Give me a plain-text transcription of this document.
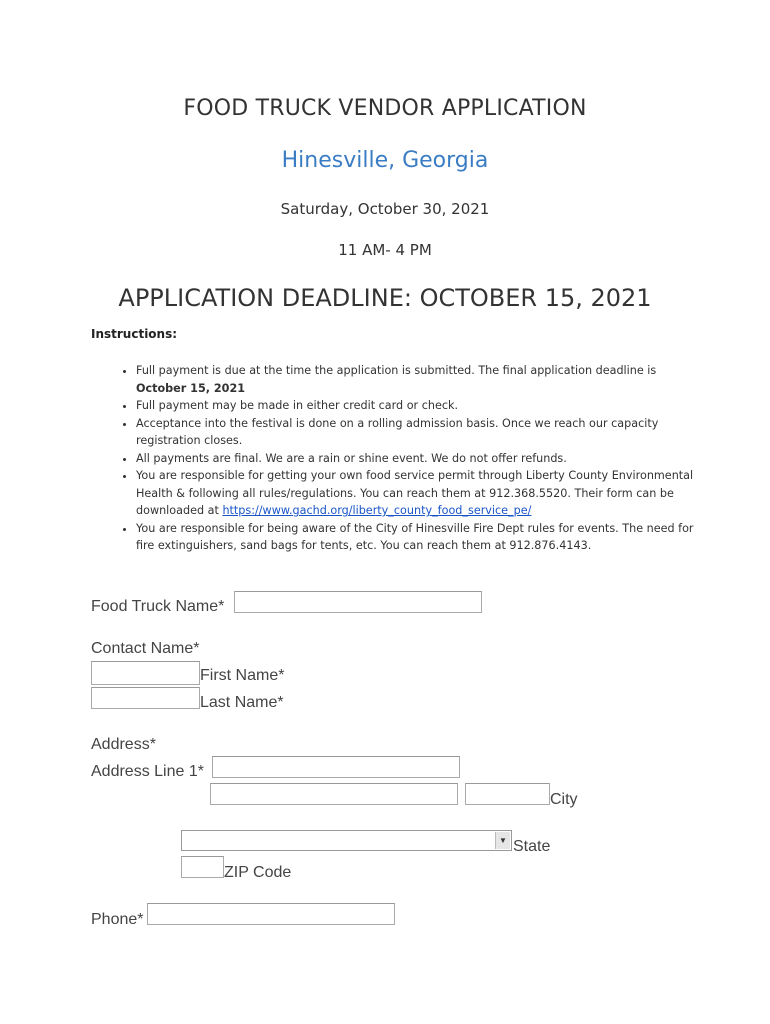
FOOD TRUCK VENDOR APPLICATION
Hinesville, Georgia
Saturday, October 30, 2021
11 AM- 4 PM
APPLICATION DEADLINE: OCTOBER 15, 2021
Instructions:
• Full payment is due at the time the application is submitted. The final application deadline is October 15, 2021
• Full payment may be made in either credit card or check.
• Acceptance into the festival is done on a rolling admission basis. Once we reach our capacity registration closes.
• All payments are final. We are a rain or shine event. We do not offer refunds.
• You are responsible for getting your own food service permit through Liberty County Environmental Health & following all rules/regulations. You can reach them at 912.368.5520. Their form can be downloaded at https://www.gachd.org/liberty_county_food_service_pe/
• You are responsible for being aware of the City of Hinesville Fire Dept rules for events. The need for fire extinguishers, sand bags for tents, etc. You can reach them at 912.876.4143.
Food Truck Name*
Contact Name*
First Name*
Last Name*
Address*
Address Line 1*
City
▼ State
ZIP Code
Phone*
